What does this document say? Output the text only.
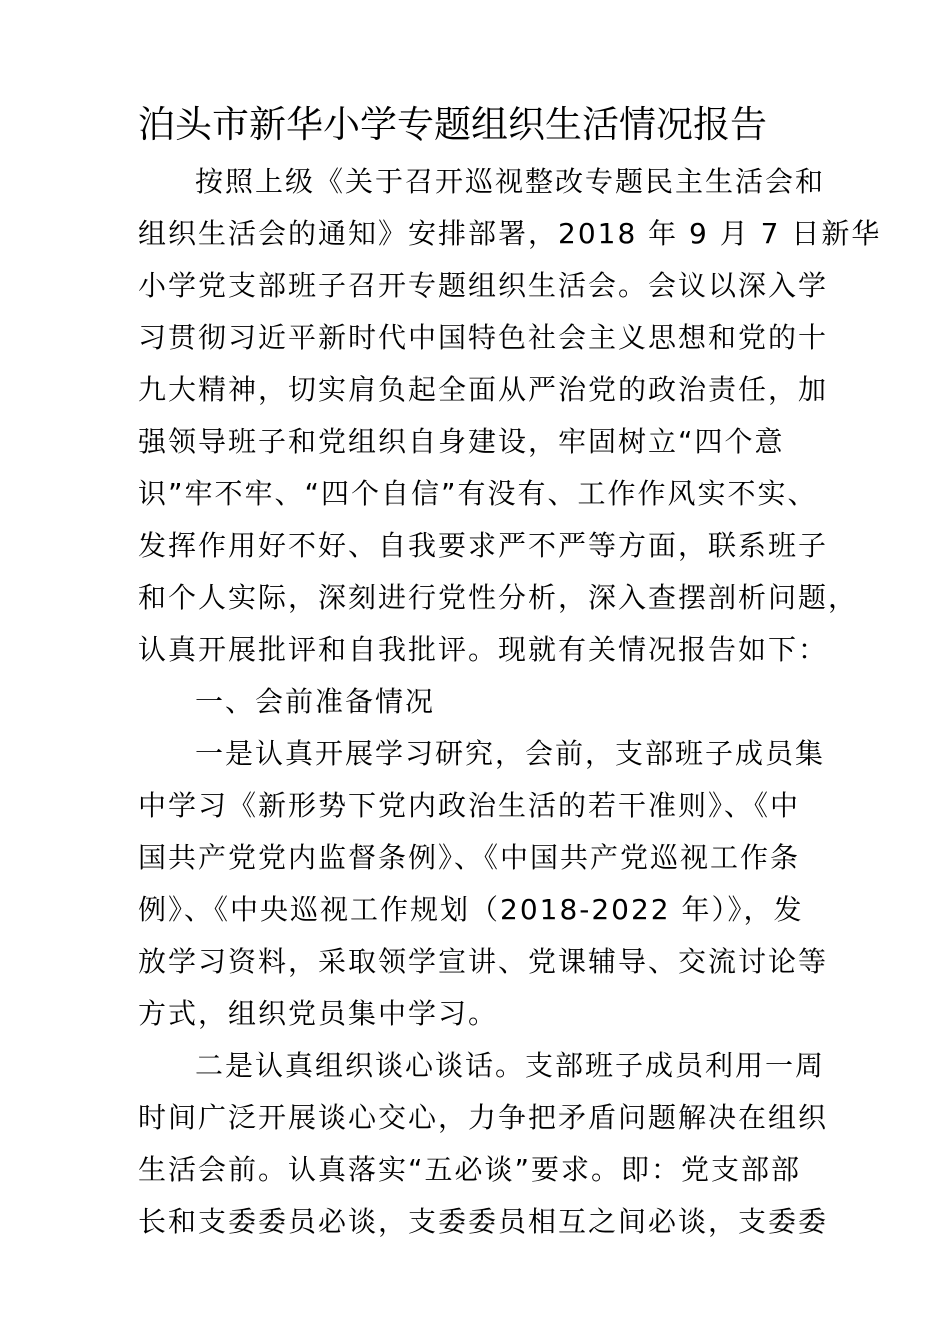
泊头市新华小学专题组织生活情况报告
按照上级《关于召开巡视整改专题民主生活会和
组织生活会的通知》安排部署，2018 年 9 月 7 日新华
小学党支部班子召开专题组织生活会。会议以深入学
习贯彻习近平新时代中国特色社会主义思想和党的十
九大精神，切实肩负起全面从严治党的政治责任，加
强领导班子和党组织自身建设，牢固树立“四个意
识”牢不牢、“四个自信”有没有、工作作风实不实、
发挥作用好不好、自我要求严不严等方面，联系班子
和个人实际，深刻进行党性分析，深入查摆剖析问题，
认真开展批评和自我批评。现就有关情况报告如下：
一、会前准备情况
一是认真开展学习研究，会前，支部班子成员集
中学习《新形势下党内政治生活的若干准则》、《中
国共产党党内监督条例》、《中国共产党巡视工作条
例》、《中央巡视工作规划（2018-2022 年）》，发
放学习资料，采取领学宣讲、党课辅导、交流讨论等
方式，组织党员集中学习。
二是认真组织谈心谈话。支部班子成员利用一周
时间广泛开展谈心交心，力争把矛盾问题解决在组织
生活会前。认真落实“五必谈”要求。即：党支部部
长和支委委员必谈，支委委员相互之间必谈，支委委
